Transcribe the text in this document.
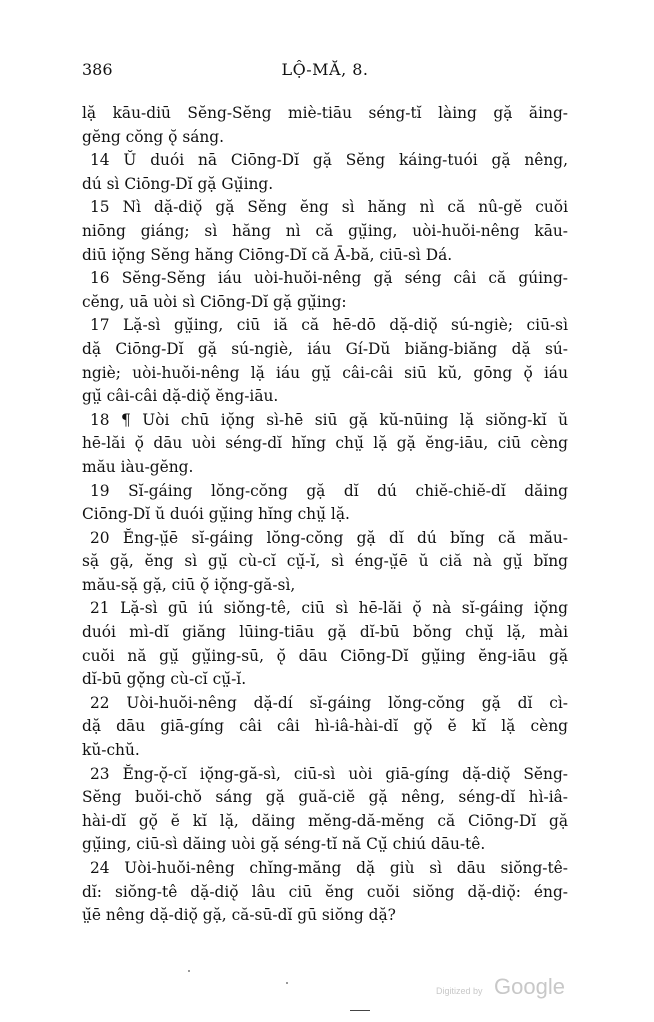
386	LỘ-MĂ, 8.
lặ kāu-diū Sĕng-Sĕng miè-tiāu séng-tĭ làing gặ ăing-
gĕng cŏng ǫ̆ sáng.
14 Ŭ duói nā Ciōng-Dĭ gặ Sĕng káing-tuói gặ nêng,
dú sì Ciōng-Dĭ gặ Gṳ̆ing.
15 Nì dặ-diǫ̆ gặ Sĕng ĕng sì hăng nì că nû-gĕ cuŏi
niōng giáng; sì hăng nì că gṳ̆ing, uòi-huŏi-nêng kāu-
diū iǫ̆ng Sĕng hăng Ciōng-Dĭ că Ā-bă, ciū-sì Dá.
16 Sĕng-Sĕng iáu uòi-huŏi-nêng gặ séng câi că gúing-
cĕng, uā uòi sì Ciōng-Dĭ gặ gṳ̆ing:
17 Lặ-sì gṳ̆ing, ciū iă că hē-dō dặ-diǫ̆ sú-ngiè; ciū-sì
dặ Ciōng-Dĭ gặ sú-ngiè, iáu Gí-Dŭ biăng-biăng dặ sú-
ngiè; uòi-huŏi-nêng lặ iáu gṳ̆ câi-câi siū kŭ, gōng ǫ̆ iáu
gṳ̆ câi-câi dặ-diǫ̆ ĕng-iāu.
18 ¶ Uòi chū iǫ̆ng sì-hē siū gặ kŭ-nūing lặ siŏng-kĭ ŭ
hē-lăi ǫ̆ dāu uòi séng-dĭ hĭng chṳ̆ lặ gặ ĕng-iāu, ciū cèng
mău iàu-gĕng.
19 Sĭ-gáing lŏng-cŏng gặ dĭ dú chiĕ-chiĕ-dĭ dăing
Ciōng-Dĭ ŭ duói gṳ̆ing hĭng chṳ̆ lặ.
20 Ĕng-ṳ̆ē sĭ-gáing lŏng-cŏng gặ dĭ dú bĭng că mău-
sặ gặ, ĕng sì gṳ̆ cù-cĭ cṳ̆-ĭ, sì éng-ṳ̆ē ŭ ciă nà gṳ̆ bĭng
mău-sặ gặ, ciū ǫ̆ iǫ̆ng-gă-sì,
21 Lặ-sì gū iú siŏng-tê, ciū sì hē-lăi ǫ̆ nà sĭ-gáing iǫ̆ng
duói mì-dĭ giăng lūing-tiāu gặ dĭ-bū bŏng chṳ̆ lặ, mài
cuŏi nă gṳ̆ gṳ̆ing-sū, ǫ̆ dāu Ciōng-Dĭ gṳ̆ing ĕng-iāu gặ
dĭ-bū gǫ̆ng cù-cĭ cṳ̆-ĭ.
22 Uòi-huŏi-nêng dặ-dí sĭ-gáing lŏng-cŏng gặ dĭ cì-
dặ dāu giā-gíng câi câi hì-iâ-hài-dĭ gǫ̆ ĕ kĭ lặ cèng
kŭ-chŭ.
23 Ĕng-ǫ̆-cĭ iǫ̆ng-gă-sì, ciū-sì uòi giā-gíng dặ-diǫ̆ Sĕng-
Sĕng buŏi-chŏ sáng gặ guă-ciĕ gặ nêng, séng-dĭ hì-iâ-
hài-dĭ gǫ̆ ĕ kĭ lặ, dăing mĕng-dă-mĕng că Ciōng-Dĭ gặ
gṳ̆ing, ciū-sì dăing uòi gặ séng-tĭ nă Cṳ̆ chiú dāu-tê.
24 Uòi-huŏi-nêng chĭng-măng dặ giù sì dāu siŏng-tê-
dĭ: siŏng-tê dặ-diǫ̆ lâu ciū ĕng cuŏi siŏng dặ-diǫ̆: éng-
ṳ̆ē nêng dặ-diǫ̆ gặ, că-sū-dĭ gū siŏng dặ?
Digitized by Google
